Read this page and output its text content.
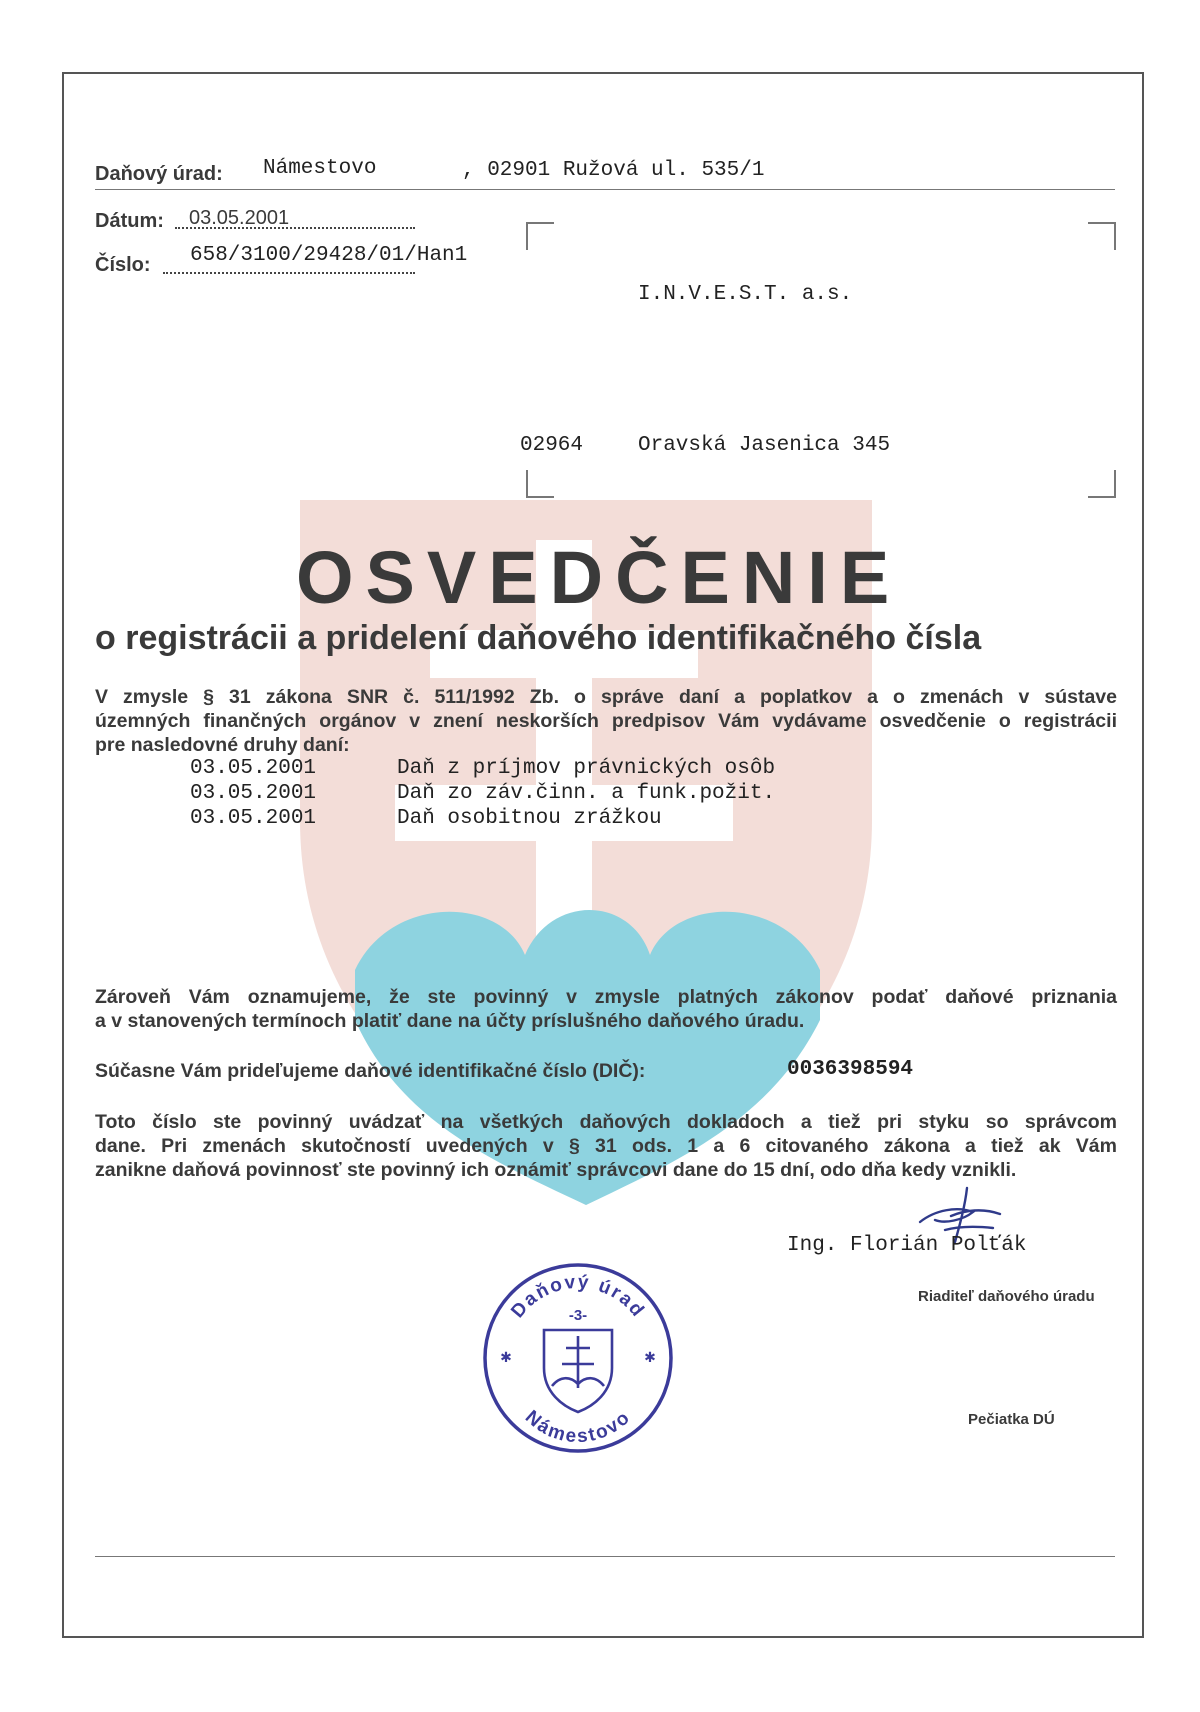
Daňový úrad: Námestovo	, 02901 Ružová ul. 535/1
Dátum:	03.05.2001
Číslo: 658/3100/29428/01/Han1
I.N.V.E.S.T. a.s.
02964	Oravská Jasenica 345
OSVEDČENIE
o registrácii a pridelení daňového identifikačného čísla
V zmysle § 31 zákona SNR č. 511/1992 Zb. o správe daní a poplatkov a o zmenách v sústave
územných finančných orgánov v znení neskorších predpisov Vám vydávame osvedčenie o registrácii
pre nasledovné druhy daní:
03.05.2001	Daň z príjmov právnických osôb
03.05.2001	Daň zo záv.činn. a funk.požit.
03.05.2001	Daň osobitnou zrážkou
Zároveň Vám oznamujeme, že ste povinný v zmysle platných zákonov podať daňové priznania
a v stanovených termínoch platiť dane na účty príslušného daňového úradu.
Súčasne Vám prideľujeme daňové identifikačné číslo (DIČ):	0036398594
Toto číslo ste povinný uvádzať na všetkých daňových dokladoch a tiež pri styku so správcom
dane. Pri zmenách skutočností uvedených v § 31 ods. 1 a 6 citovaného zákona a tiež ak Vám
zanikne daňová povinnosť ste povinný ich oznámiť správcovi dane do 15 dní, odo dňa kedy vznikli.
Ing. Florián Polťák
Riaditeľ daňového úradu
Daňový úrad
Námestovo
-3-
✱	✱
Pečiatka DÚ
